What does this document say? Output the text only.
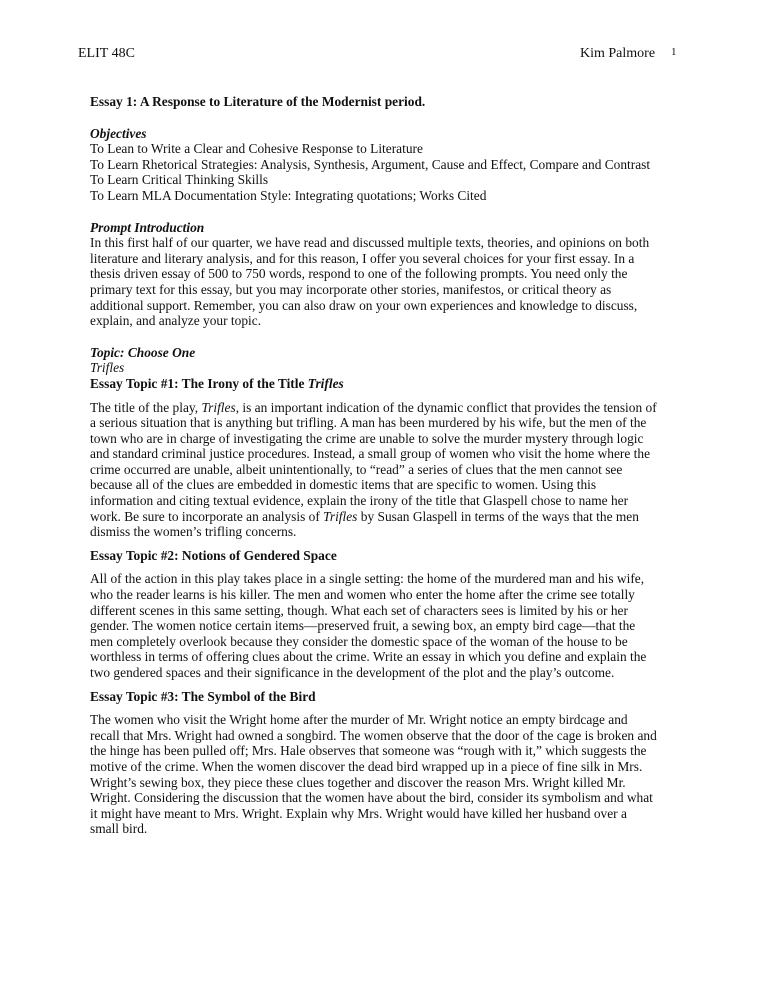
ELIT 48C	Kim Palmore 1
Essay 1: A Response to Literature of the Modernist period.
Objectives
To Lean to Write a Clear and Cohesive Response to Literature
To Learn Rhetorical Strategies: Analysis, Synthesis, Argument, Cause and Effect, Compare and Contrast
To Learn Critical Thinking Skills
To Learn MLA Documentation Style: Integrating quotations; Works Cited
Prompt Introduction
In this first half of our quarter, we have read and discussed multiple texts, theories, and opinions on both
literature and literary analysis, and for this reason, I offer you several choices for your first essay. In a
thesis driven essay of 500 to 750 words, respond to one of the following prompts. You need only the
primary text for this essay, but you may incorporate other stories, manifestos, or critical theory as
additional support. Remember, you can also draw on your own experiences and knowledge to discuss,
explain, and analyze your topic.
Topic: Choose One
Trifles
Essay Topic #1: The Irony of the Title Trifles
The title of the play, Trifles, is an important indication of the dynamic conflict that provides the tension of
a serious situation that is anything but trifling. A man has been murdered by his wife, but the men of the
town who are in charge of investigating the crime are unable to solve the murder mystery through logic
and standard criminal justice procedures. Instead, a small group of women who visit the home where the
crime occurred are unable, albeit unintentionally, to “read” a series of clues that the men cannot see
because all of the clues are embedded in domestic items that are specific to women. Using this
information and citing textual evidence, explain the irony of the title that Glaspell chose to name her
work. Be sure to incorporate an analysis of Trifles by Susan Glaspell in terms of the ways that the men
dismiss the women’s trifling concerns.
Essay Topic #2: Notions of Gendered Space
All of the action in this play takes place in a single setting: the home of the murdered man and his wife,
who the reader learns is his killer. The men and women who enter the home after the crime see totally
different scenes in this same setting, though. What each set of characters sees is limited by his or her
gender. The women notice certain items—preserved fruit, a sewing box, an empty bird cage—that the
men completely overlook because they consider the domestic space of the woman of the house to be
worthless in terms of offering clues about the crime. Write an essay in which you define and explain the
two gendered spaces and their significance in the development of the plot and the play’s outcome.
Essay Topic #3: The Symbol of the Bird
The women who visit the Wright home after the murder of Mr. Wright notice an empty birdcage and
recall that Mrs. Wright had owned a songbird. The women observe that the door of the cage is broken and
the hinge has been pulled off; Mrs. Hale observes that someone was “rough with it,” which suggests the
motive of the crime. When the women discover the dead bird wrapped up in a piece of fine silk in Mrs.
Wright’s sewing box, they piece these clues together and discover the reason Mrs. Wright killed Mr.
Wright. Considering the discussion that the women have about the bird, consider its symbolism and what
it might have meant to Mrs. Wright. Explain why Mrs. Wright would have killed her husband over a
small bird.
